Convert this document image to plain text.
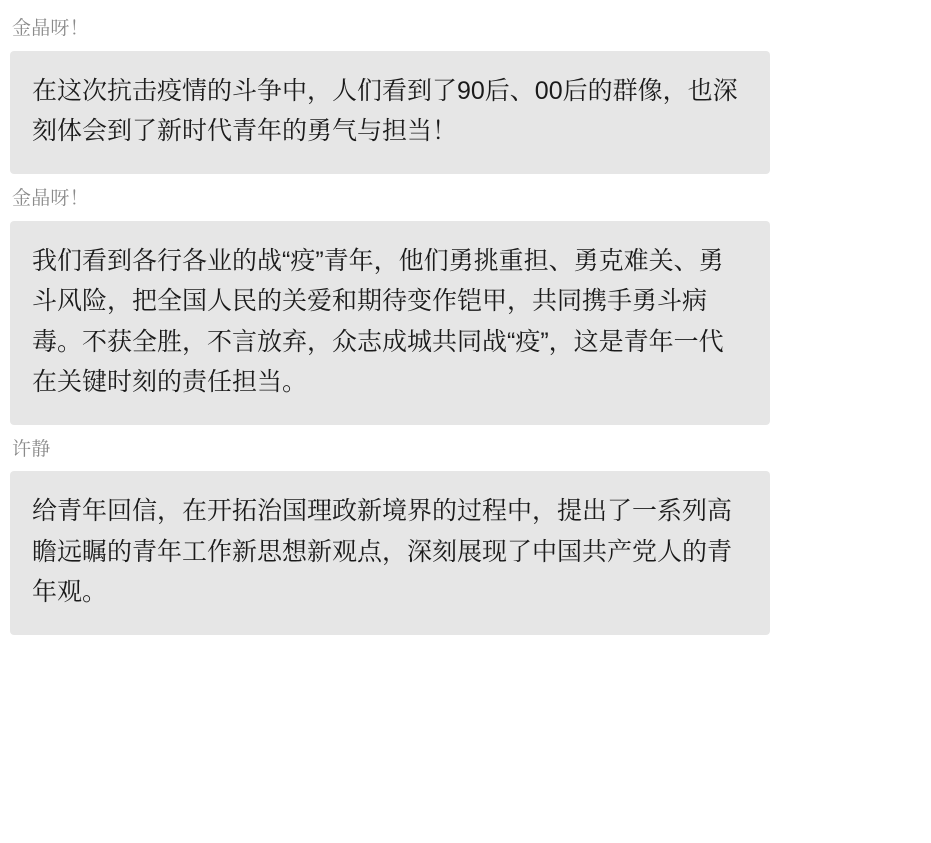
金晶呀！
在这次抗击疫情的斗争中，人们看到了90后、00后的群像，也深刻体会到了新时代青年的勇气与担当！
金晶呀！
我们看到各行各业的战“疫”青年，他们勇挑重担、勇克难关、勇斗风险，把全国人民的关爱和期待变作铠甲，共同携手勇斗病毒。不获全胜，不言放弃，众志成城共同战“疫”，这是青年一代在关键时刻的责任担当。
许静
给青年回信，在开拓治国理政新境界的过程中，提出了一系列高瞻远瞩的青年工作新思想新观点，深刻展现了中国共产党人的青年观。
